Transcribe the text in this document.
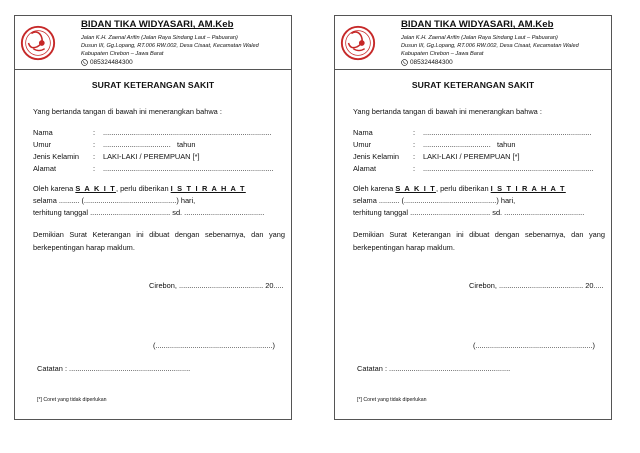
BIDAN TIKA WIDYASARI, AM.Keb
Jalan K.H. Zaenal Arifin (Jalan Raya Sindang Laut – Pabuaran)
Dusun III, Gg.Lopang, RT.006 RW.002, Desa Cisaat, Kecamatan Waled
Kabupaten Cirebon – Jawa Barat
085324484300
SURAT KETERANGAN SAKIT
Yang bertanda tangan di bawah ini menerangkan bahwa :
Nama	: ..................................................................................
Umur	: ................................. tahun
Jenis Kelamin : LAKI-LAKI / PEREMPUAN [*]
Alamat	: ...................................................................................
Oleh karena S A K I T, perlu diberikan I S T I R A H A T
selama .......... (.............................................) hari,
terhitung tanggal ....................................... sd. .......................................
Demikian Surat Keterangan ini dibuat dengan sebenarnya, dan yang berkepentingan harap maklum.
Cirebon, ......................................... 20.....
(.........................................................)
Catatan : ...........................................................
[*] Coret yang tidak diperlukan
BIDAN TIKA WIDYASARI, AM.Keb
Jalan K.H. Zaenal Arifin (Jalan Raya Sindang Laut – Pabuaran)
Dusun III, Gg.Lopang, RT.006 RW.002, Desa Cisaat, Kecamatan Waled
Kabupaten Cirebon – Jawa Barat
085324484300
SURAT KETERANGAN SAKIT
Yang bertanda tangan di bawah ini menerangkan bahwa :
Nama	: ..................................................................................
Umur	: ................................. tahun
Jenis Kelamin : LAKI-LAKI / PEREMPUAN [*]
Alamat	: ...................................................................................
Oleh karena S A K I T, perlu diberikan I S T I R A H A T
selama .......... (.............................................) hari,
terhitung tanggal ....................................... sd. .......................................
Demikian Surat Keterangan ini dibuat dengan sebenarnya, dan yang berkepentingan harap maklum.
Cirebon, ......................................... 20.....
(.........................................................)
Catatan : ...........................................................
[*] Coret yang tidak diperlukan
